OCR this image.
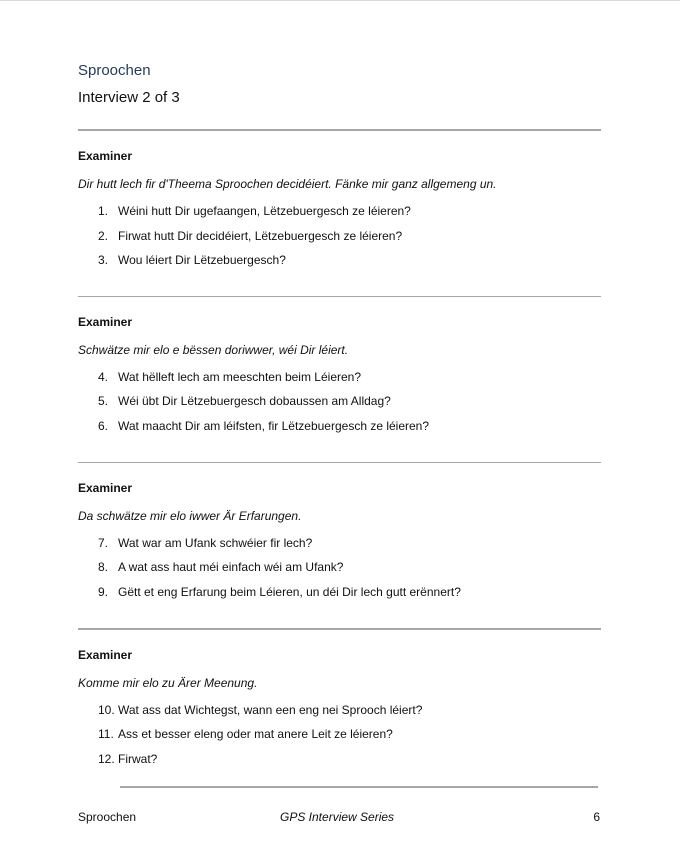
Sproochen
Interview 2 of 3
Examiner
Dir hutt lech fir d'Theema Sproochen decidéiert. Fänke mir ganz allgemeng un.
1. Wéini hutt Dir ugefaangen, Lëtzebuergesch ze léieren?
2. Firwat hutt Dir decidéiert, Lëtzebuergesch ze léieren?
3. Wou léiert Dir Lëtzebuergesch?
Examiner
Schwätze mir elo e bëssen doriwwer, wéi Dir léiert.
4. Wat hëlleft lech am meeschten beim Léieren?
5. Wéi übt Dir Lëtzebuergesch dobaussen am Alldag?
6. Wat maacht Dir am léifsten, fir Lëtzebuergesch ze léieren?
Examiner
Da schwätze mir elo iwwer Är Erfarungen.
7. Wat war am Ufank schwéier fir lech?
8. A wat ass haut méi einfach wéi am Ufank?
9. Gëtt et eng Erfarung beim Léieren, un déi Dir lech gutt erënnert?
Examiner
Komme mir elo zu Ärer Meenung.
10. Wat ass dat Wichtegst, wann een eng nei Sprooch léiert?
11. Ass et besser eleng oder mat anere Leit ze léieren?
12. Firwat?
Sproochen	GPS Interview Series	6
